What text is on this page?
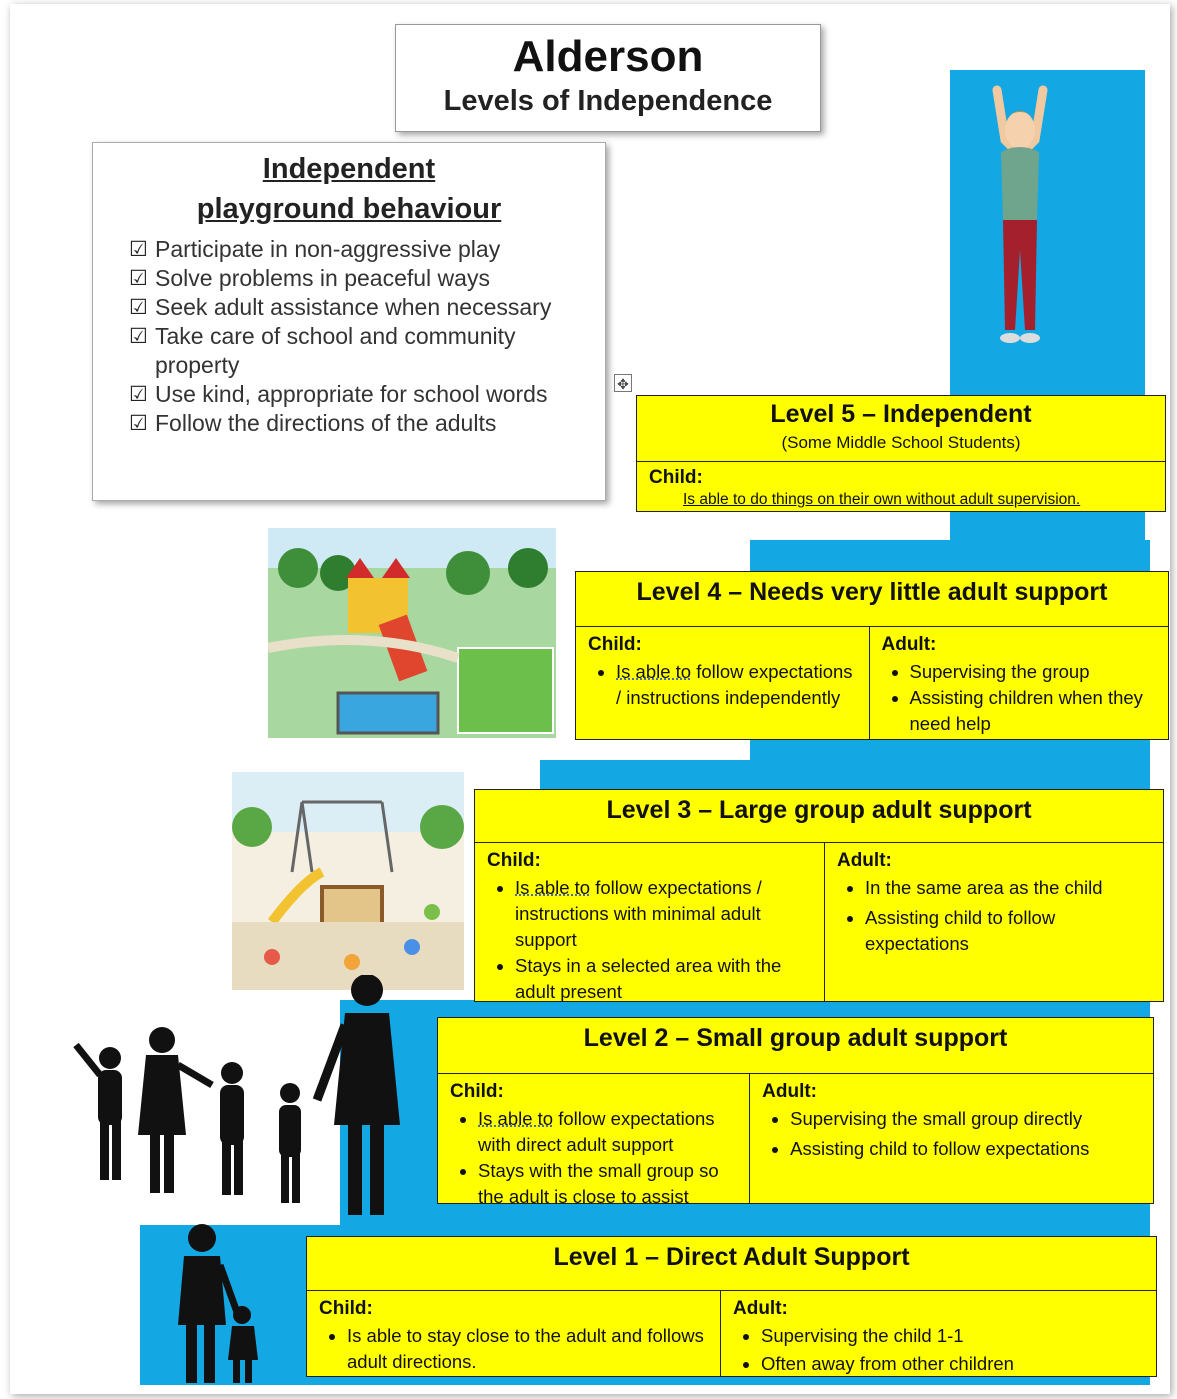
Alderson
Levels of Independence
Independent
playground behaviour
☑ Participate in non-aggressive play
☑ Solve problems in peaceful ways
☑ Seek adult assistance when necessary
☑ Take care of school and community property
☑ Use kind, appropriate for school words
☑ Follow the directions of the adults
✥
Level 5 – Independent
(Some Middle School Students)
Child:
Is able to do things on their own without adult supervision.
Level 4 – Needs very little adult support
Child:
• Is able to follow expectations / instructions independently
Adult:
• Supervising the group
• Assisting children when they need help
Level 3 – Large group adult support
Child:
• Is able to follow expectations / instructions with minimal adult support
• Stays in a selected area with the adult present
Adult:
• In the same area as the child
• Assisting child to follow expectations
Level 2 – Small group adult support
Child:
• Is able to follow expectations with direct adult support
• Stays with the small group so the adult is close to assist
Adult:
• Supervising the small group directly
• Assisting child to follow expectations
Level 1 – Direct Adult Support
Child:
• Is able to stay close to the adult and follows adult directions.
Adult:
• Supervising the child 1-1
• Often away from other children
